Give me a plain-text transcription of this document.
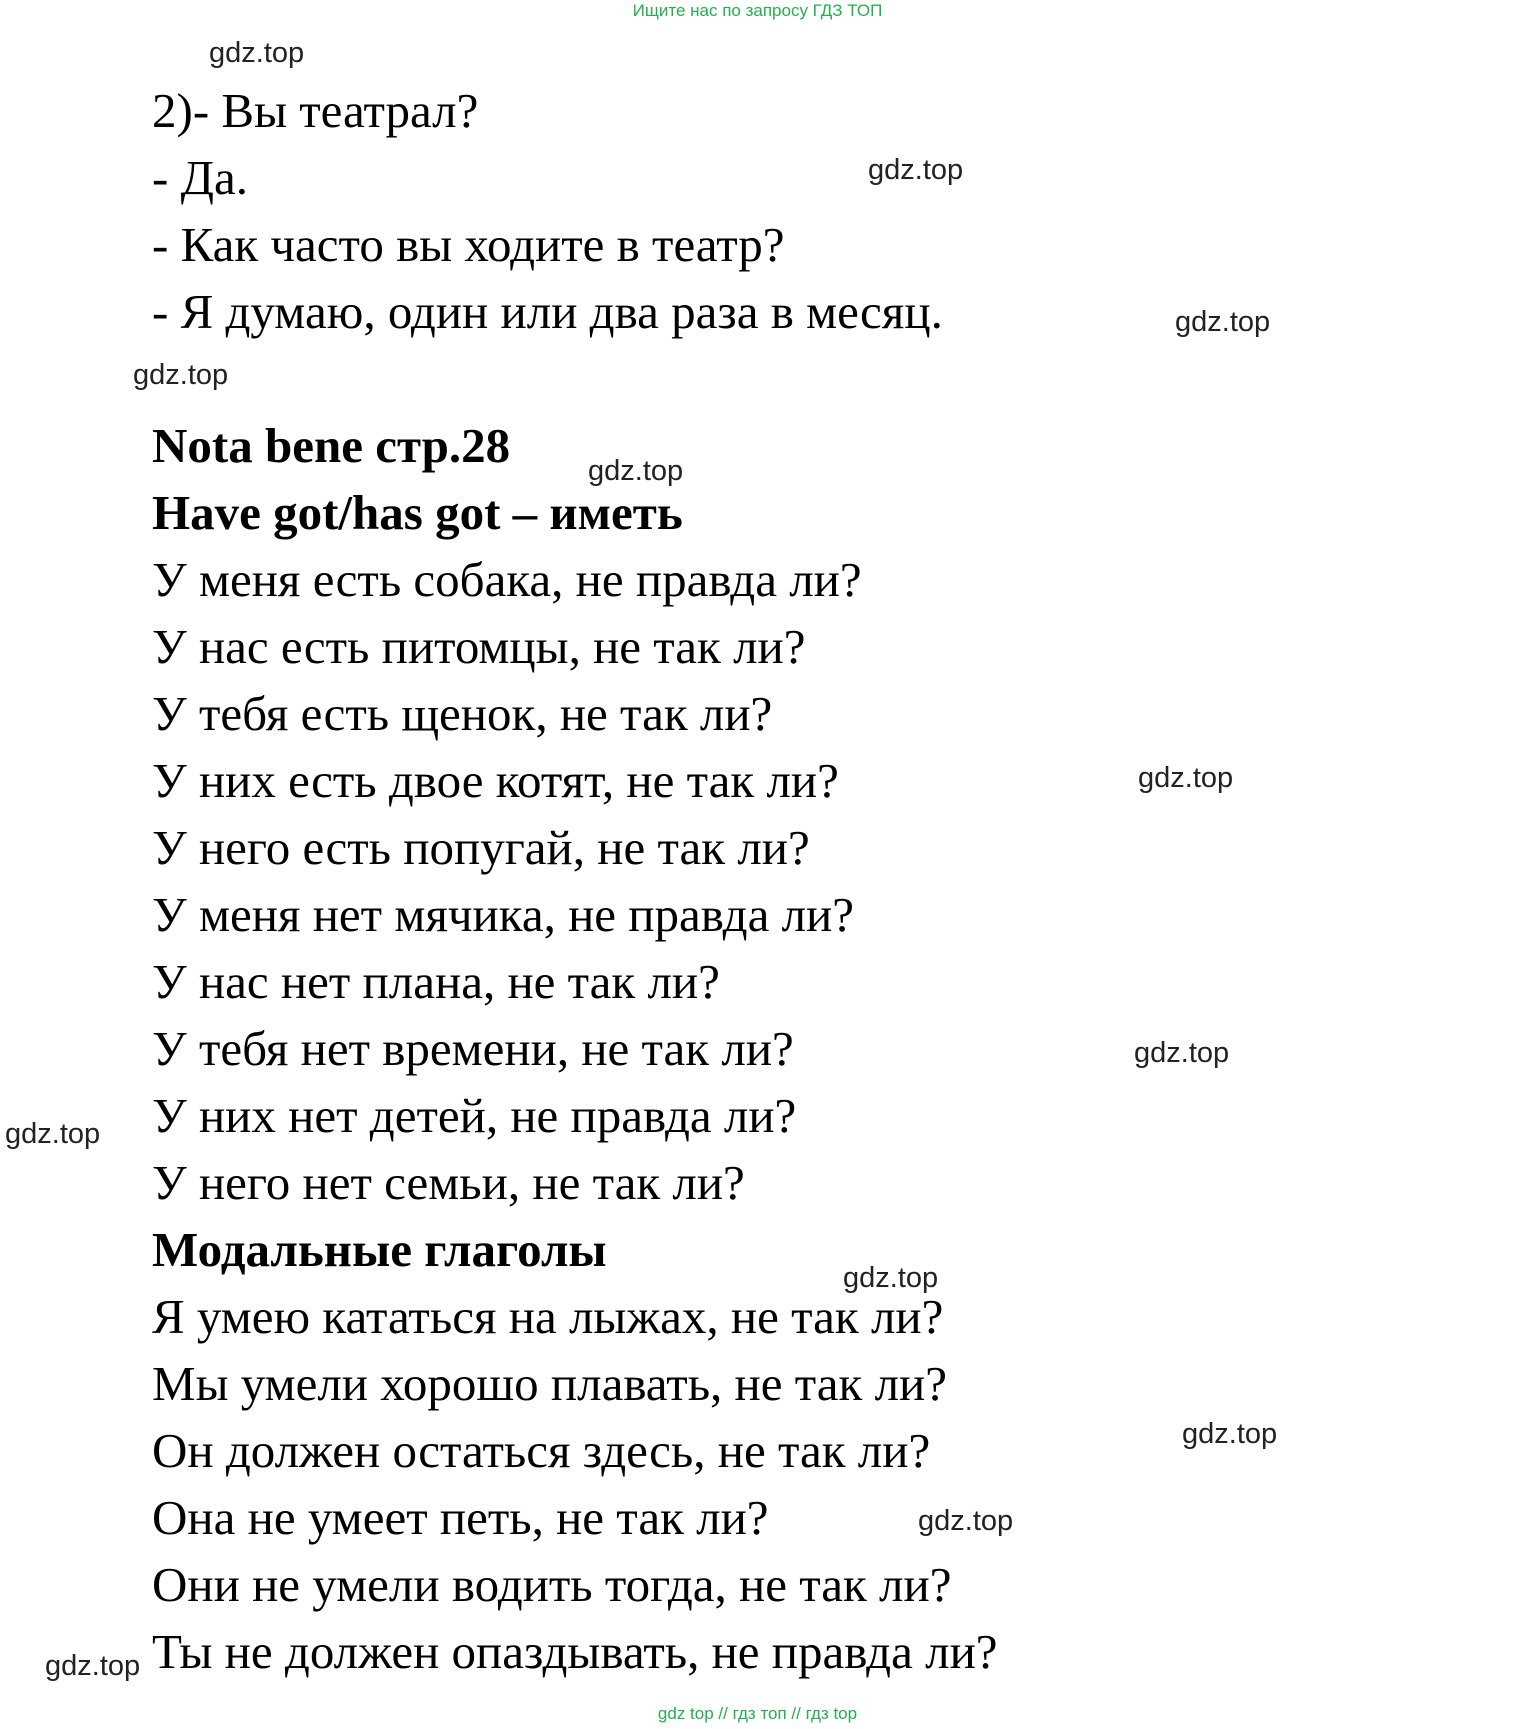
Ищите нас по запросу ГДЗ ТОП
2)- Вы театрал?
- Да.
- Как часто вы ходите в театр?
- Я думаю, один или два раза в месяц.
Nota bene стр.28
Have got/has got – иметь
У меня есть собака, не правда ли?
У нас есть питомцы, не так ли?
У тебя есть щенок, не так ли?
У них есть двое котят, не так ли?
У него есть попугай, не так ли?
У меня нет мячика, не правда ли?
У нас нет плана, не так ли?
У тебя нет времени, не так ли?
У них нет детей, не правда ли?
У него нет семьи, не так ли?
Модальные глаголы
Я умею кататься на лыжах, не так ли?
Мы умели хорошо плавать, не так ли?
Он должен остаться здесь, не так ли?
Она не умеет петь, не так ли?
Они не умели водить тогда, не так ли?
Ты не должен опаздывать, не правда ли?
gdz.top
gdz.top
gdz.top
gdz.top
gdz.top
gdz.top
gdz.top
gdz.top
gdz.top
gdz.top
gdz.top
gdz.top
gdz top // гдз топ // гдз top
